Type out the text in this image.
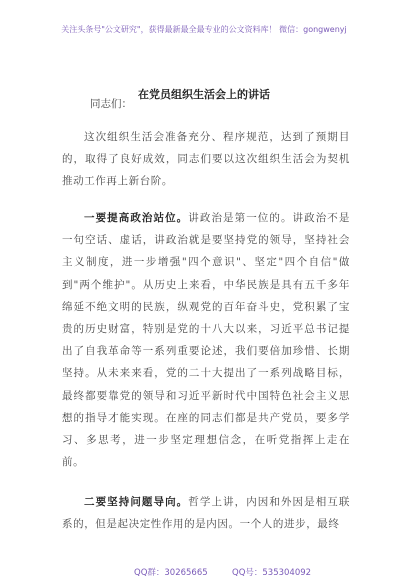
关注头条号"公文研究"，获得最新最全最专业的公文资料库！ 微信：gongwenyj
在党员组织生活会上的讲话
同志们：
这次组织生活会准备充分、程序规范，达到了预期目的，取得了良好成效，同志们要以这次组织生活会为契机推动工作再上新台阶。
一要提高政治站位。讲政治是第一位的。讲政治不是一句空话、虚话，讲政治就是要坚持党的领导，坚持社会主义制度，进一步增强"四个意识"、坚定"四个自信"做到"两个维护"。从历史上来看，中华民族是具有五千多年绵延不绝文明的民族，纵观党的百年奋斗史，党积累了宝贵的历史财富，特别是党的十八大以来，习近平总书记提出了自我革命等一系列重要论述，我们要倍加珍惜、长期坚持。从未来来看，党的二十大提出了一系列战略目标，最终都要靠党的领导和习近平新时代中国特色社会主义思想的指导才能实现。在座的同志们都是共产党员，要多学习、多思考，进一步坚定理想信念，在听党指挥上走在前。
二要坚持问题导向。哲学上讲，内因和外因是相互联系的，但是起决定性作用的是内因。一个人的进步，最终
QQ群：30265665	QQ号：535304092
